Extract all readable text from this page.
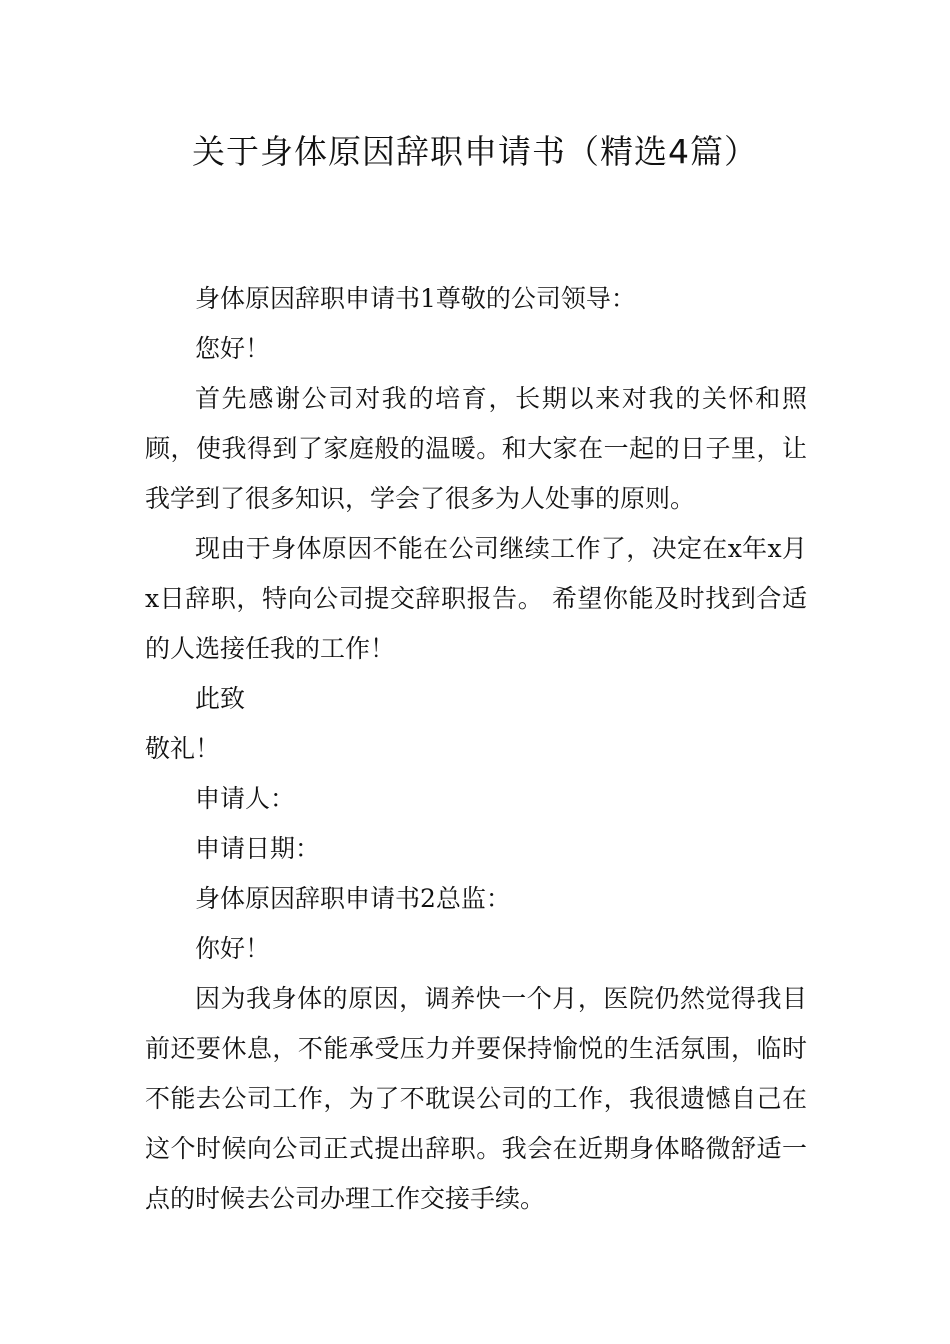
关于身体原因辞职申请书（精选4篇）

身体原因辞职申请书1尊敬的公司领导：

您好！

首先感谢公司对我的培育，长期以来对我的关怀和照顾，使我得到了家庭般的温暖。和大家在一起的日子里，让我学到了很多知识，学会了很多为人处事的原则。

现由于身体原因不能在公司继续工作了，决定在x年x月x日辞职，特向公司提交辞职报告。 希望你能及时找到合适的人选接任我的工作！

此致

敬礼！

申请人：

申请日期：

身体原因辞职申请书2总监：

你好！

因为我身体的原因，调养快一个月，医院仍然觉得我目前还要休息，不能承受压力并要保持愉悦的生活氛围，临时不能去公司工作，为了不耽误公司的工作，我很遗憾自己在这个时候向公司正式提出辞职。我会在近期身体略微舒适一点的时候去公司办理工作交接手续。
